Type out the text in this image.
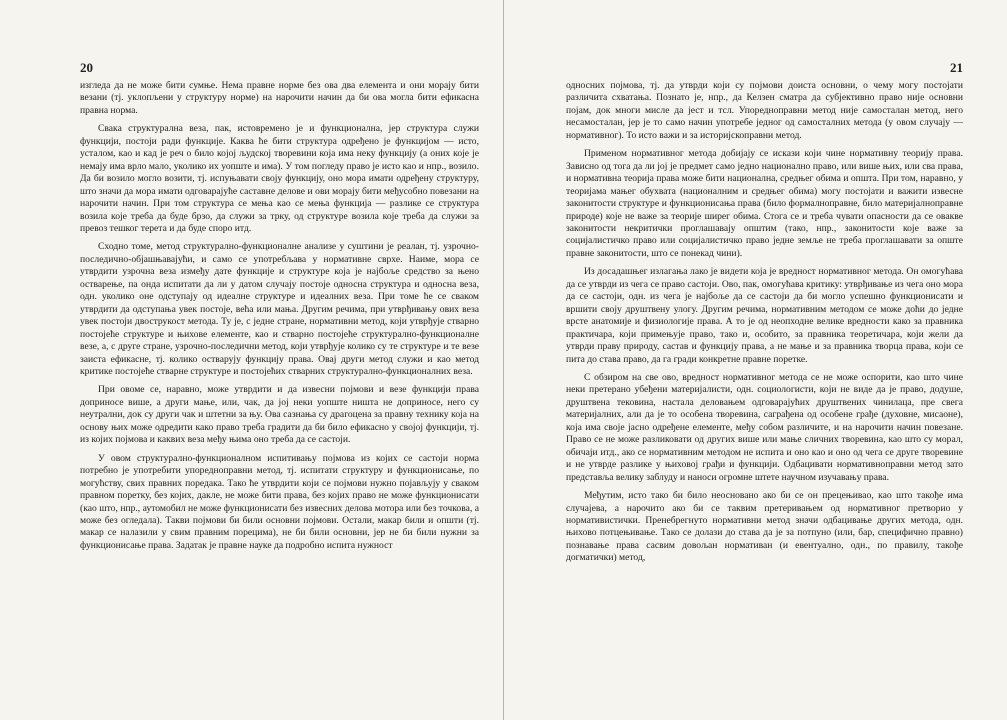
20

изгледа да не може бити сумње. Нема правне норме без ова два елемента и они морају бити везани (тј. уклопљени у структуру норме) на нарочити начин да би ова могла бити ефикасна правна норма.

Свака структурална веза, пак, истовремено је и функционална, јер структура служи функцији, постоји ради функције. Каква ће бити структура одређено је функцијом — исто, усталом, као и кад је реч о било којој људској творевини која има неку функцију (а оних које је немају има врло мало, уколико их уопште и има). У том погледу право је исто као и нпр., возило. Да би возило могло возити, тј. испуњавати своју функцију, оно мора имати одређену структуру, што значи да мора имати одговарајуће саставне делове и ови морају бити међусобно повезани на нарочити начин. При том структура се мења као се мења функција — разлике се структура возила које треба да буде брзо, да служи за трку, од структуре возила које треба да служи за превоз тешког терета и да буде споро итд.

Сходно томе, метод структурално-функционалне анализе у суштини је реалан, тј. узрочно-последично-објашњавајући, и само се употребљава у нормативне сврхе. Наиме, мора се утврдити узрочна веза између дате функције и структуре која је најбоље средство за њено остварење, па онда испитати да ли у датом случају постоје односна структура и односна веза, одн. уколико оне одступају од идеалне структуре и идеалних веза. При томе ће се сваком утврдити да одступања увек постоје, већа или мања. Другим речима, при утврђивању ових веза увек постоји двострукост метода. Ту је, с једне стране, нормативни метод, који утврђује стварно постојеће структуре и њихове елементе, као и стварно постојеће структурално-функционалне везе, а, с друге стране, узрочно-последични метод, који утврђује колико су те структуре и те везе заиста ефикасне, тј. колико остварују функцију права. Овај други метод служи и као метод критике постојеће стварне структуре и постојећих стварних структурално-функционалних веза.

При овоме се, наравно, може утврдити и да извесни појмови и везе функцији права доприносе више, а други мање, или, чак, да јој неки уопште ништа не доприносе, него су неутрални, док су други чак и штетни за њу. Ова сазнања су драгоцена за правну технику која на основу њих може одредити како право треба градити да би било ефикасно у својој функцији, тј. из којих појмова и каквих веза међу њима оно треба да се састоји.

У овом структурално-функционалном испитивању појмова из којих се састоји норма потребно је употребити упоредноправни метод, тј. испитати структуру и функционисање, по могућству, свих правних поредака. Тако ће утврдити који се појмови нужно појављују у сваком правном поретку, без којих, дакле, не може бити права, без којих право не може функционисати (као што, нпр., аутомобил не може функционисати без извесних делова мотора или без точкова, а може без огледала). Такви појмови би били основни појмови. Остали, макар били и општи (тј. макар се налазили у свим правним порецима), не би били основни, јер не би били нужни за функционисање права. Задатак је правне науке да подробно испита нужност

21

односних појмова, тј. да утврди који су појмови доиста основни, о чему могу постојати различита схватања. Познато је, нпр., да Келзен сматра да субјективно право није основни појам, док многи мисле да јест и тсл. Упоредноправни метод није самосталан метод, него несамосталан, јер је то само начин употребе једног од самосталних метода (у овом случају — нормативног). То исто важи и за историјскоправни метод.

Применом нормативног метода добијају се искази који чине нормативну теорију права. Зависно од тога да ли јој је предмет само једно национално право, или више њих, или сва права, и нормативна теорија права може бити национална, средњег обима и општа. При том, наравно, у теоријама мањег обухвата (националним и средњег обима) могу постојати и важити извесне законитости структуре и функционисања права (било формалноправне, било материјалноправне природе) које не важе за теорије ширег обима. Стога се и треба чувати опасности да се овакве законитости некритички проглашавају општим (тако, нпр., законитости које важе за социјалистичко право или социјалистичко право једне земље не треба проглашавати за опште правне законитости, што се понекад чини).

Из досадашњег излагања лако је видети која је вредност нормативног метода. Он омогућава да се утврди из чега се право састоји. Ово, пак, омогућава критику: утврђивање из чега оно мора да се састоји, одн. из чега је најбоље да се састоји да би могло успешно функционисати и вршити своју друштвену улогу. Другим речима, нормативним методом се може доћи до једне врсте анатомије и физиологије права. А то је од неопходне велике вредности како за правника практичара, који примењује право, тако и, особито, за правника теоретичара, који жели да утврди праву природу, састав и функцију права, а не мање и за правника творца права, који се пита до става право, да га гради конкретне правне поретке.

С обзиром на све ово, вредност нормативног метода се не може оспорити, као што чине неки претерано убеђени материјалисти, одн. социологисти, који не виде да је право, додуше, друштвена тековина, настала деловањем одговарајућих друштвених чинилаца, пре свега материјалних, али да је то особена творевина, саграђена од особене грађе (духовне, мисаоне), која има своје јасно одређене елементе, међу собом различите, и на нарочити начин повезане. Право се не може разликовати од других више или мање сличних творевина, као што су морал, обичаји итд., ако се нормативним методом не испита и оно као и оно од чега се друге творевине и не утврде разлике у њиховој грађи и функцији. Одбацивати нормативноправни метод зато представља велику заблуду и наноси огромне штете научном изучавању права.

Међутим, исто тако би било неосновано ако би се он прецењивао, као што такође има случајева, а нарочито ако би се таквим претеривањем од нормативног претворио у нормативистички. Пренебрегнуто нормативни метод значи одбацивање других метода, одн. њихово потцењивање. Тако се долази до става да је за потпуно (или, бар, специфично правно) познавање права сасвим довољан нормативан (и евентуално, одн., по правилу, такође догматички) метод,
